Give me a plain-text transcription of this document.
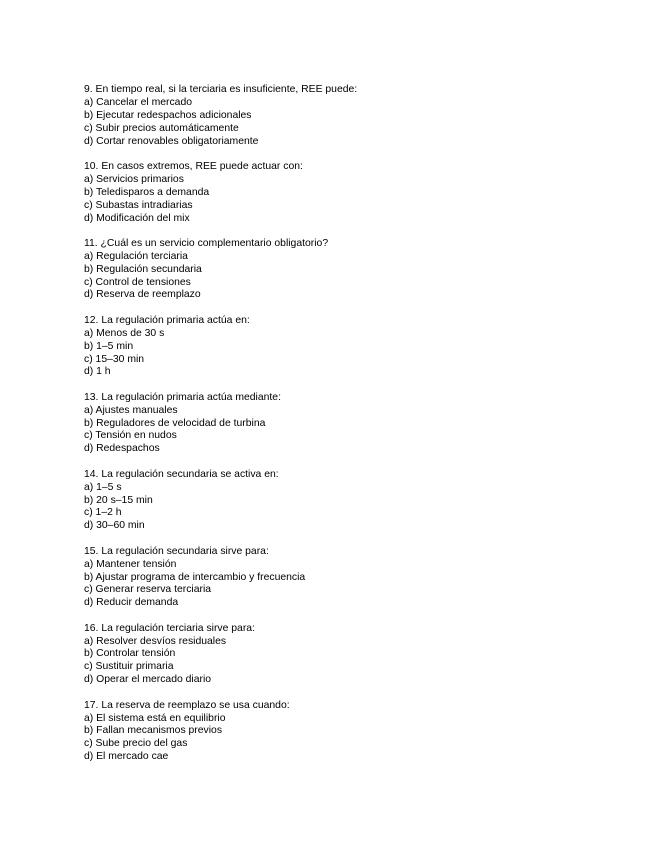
9. En tiempo real, si la terciaria es insuficiente, REE puede:
a) Cancelar el mercado
b) Ejecutar redespachos adicionales
c) Subir precios automáticamente
d) Cortar renovables obligatoriamente
10. En casos extremos, REE puede actuar con:
a) Servicios primarios
b) Teledisparos a demanda
c) Subastas intradiarias
d) Modificación del mix
11. ¿Cuál es un servicio complementario obligatorio?
a) Regulación terciaria
b) Regulación secundaria
c) Control de tensiones
d) Reserva de reemplazo
12. La regulación primaria actúa en:
a) Menos de 30 s
b) 1–5 min
c) 15–30 min
d) 1 h
13. La regulación primaria actúa mediante:
a) Ajustes manuales
b) Reguladores de velocidad de turbina
c) Tensión en nudos
d) Redespachos
14. La regulación secundaria se activa en:
a) 1–5 s
b) 20 s–15 min
c) 1–2 h
d) 30–60 min
15. La regulación secundaria sirve para:
a) Mantener tensión
b) Ajustar programa de intercambio y frecuencia
c) Generar reserva terciaria
d) Reducir demanda
16. La regulación terciaria sirve para:
a) Resolver desvíos residuales
b) Controlar tensión
c) Sustituir primaria
d) Operar el mercado diario
17. La reserva de reemplazo se usa cuando:
a) El sistema está en equilibrio
b) Fallan mecanismos previos
c) Sube precio del gas
d) El mercado cae
